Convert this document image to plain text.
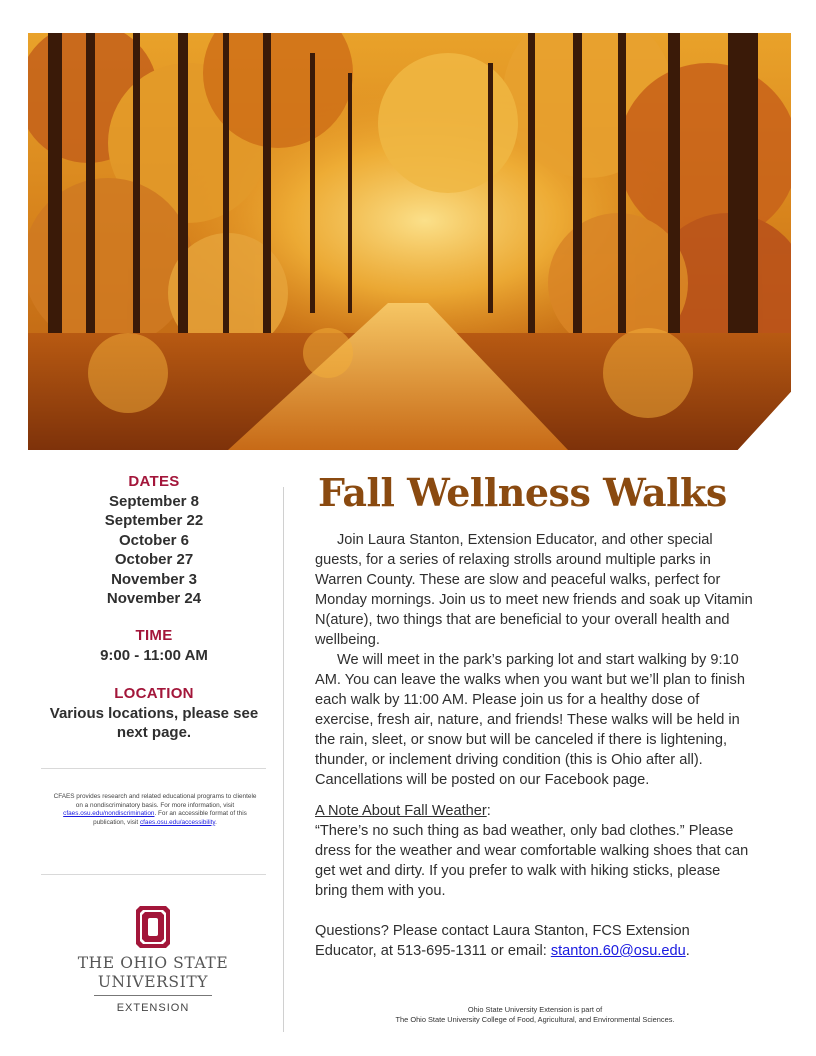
DATES
September 8
September 22
October 6
October 27
November 3
November 24
TIME
9:00 - 11:00 AM
LOCATION
Various locations, please see next page.
CFAES provides research and related educational programs to clientele on a nondiscriminatory basis. For more information, visit cfaes.osu.edu/nondiscrimination. For an accessible format of this publication, visit cfaes.osu.edu/accessibility.
THE OHIO STATE
UNIVERSITY
EXTENSION
Fall Wellness Walks

Join Laura Stanton, Extension Educator, and other special guests, for a series of relaxing strolls around multiple parks in Warren County. These are slow and peaceful walks, perfect for Monday mornings. Join us to meet new friends and soak up Vitamin N(ature), two things that are beneficial to your overall health and wellbeing.

We will meet in the park’s parking lot and start walking by 9:10 AM. You can leave the walks when you want but we’ll plan to finish each walk by 11:00 AM. Please join us for a healthy dose of exercise, fresh air, nature, and friends! These walks will be held in the rain, sleet, or snow but will be canceled if there is lightening, thunder, or inclement driving condition (this is Ohio after all). Cancellations will be posted on our Facebook page.

A Note About Fall Weather:

“There’s no such thing as bad weather, only bad clothes.” Please dress for the weather and wear comfortable walking shoes that can get wet and dirty. If you prefer to walk with hiking sticks, please bring them with you.

Questions? Please contact Laura Stanton, FCS Extension Educator, at 513-695-1311 or email: stanton.60@osu.edu.

Ohio State University Extension is part of
The Ohio State University College of Food, Agricultural, and Environmental Sciences.
